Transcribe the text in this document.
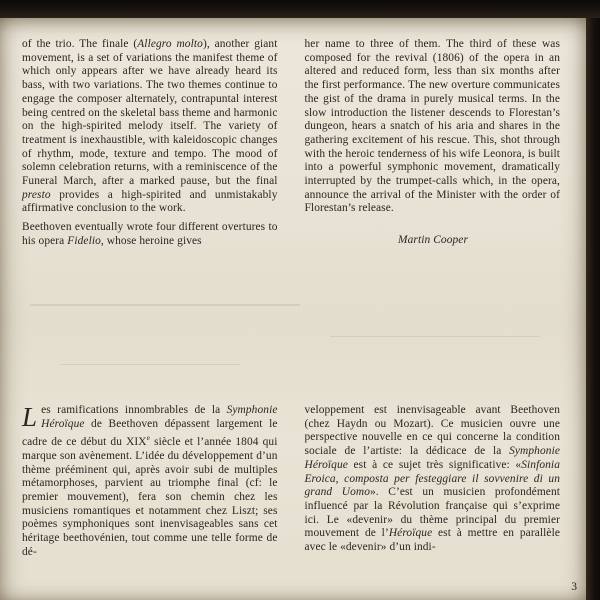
of the trio. The finale (Allegro molto), another giant movement, is a set of variations the manifest theme of which only appears after we have already heard its bass, with two variations. The two themes continue to engage the composer alternately, contrapuntal interest being centred on the skeletal bass theme and harmonic on the high-spirited melody itself. The variety of treatment is inexhaustible, with kaleidoscopic changes of rhythm, mode, texture and tempo. The mood of solemn celebration returns, with a reminiscence of the Funeral March, after a marked pause, but the final presto provides a high-spirited and unmistakably affirmative conclusion to the work.

Beethoven eventually wrote four different overtures to his opera Fidelio, whose heroine gives

her name to three of them. The third of these was composed for the revival (1806) of the opera in an altered and reduced form, less than six months after the first performance. The new overture communicates the gist of the drama in purely musical terms. In the slow introduction the listener descends to Florestan’s dungeon, hears a snatch of his aria and shares in the gathering excitement of his rescue. This, shot through with the heroic tenderness of his wife Leonora, is built into a powerful symphonic movement, dramatically interrupted by the trumpet-calls which, in the opera, announce the arrival of the Minister with the order of Florestan’s release.

Martin Cooper

Les ramifications innombrables de la Symphonie Héroïque de Beethoven dépassent largement le cadre de ce début du XIXe siècle et l’année 1804 qui marque son avènement. L’idée du développement d’un thème prééminent qui, après avoir subi de multiples métamorphoses, parvient au triomphe final (cf: le premier mouvement), fera son chemin chez les musiciens romantiques et notamment chez Liszt; ses poèmes symphoniques sont inenvisageables sans cet héritage beethovénien, tout comme une telle forme de dé-

veloppement est inenvisageable avant Beethoven (chez Haydn ou Mozart). Ce musicien ouvre une perspective nouvelle en ce qui concerne la condition sociale de l’artiste: la dédicace de la Symphonie Héroïque est à ce sujet très significative: «Sinfonia Eroica, composta per festeggiare il sovvenire di un grand Uomo». C’est un musicien profondément influencé par la Révolution française qui s’exprime ici. Le «devenir» du thème principal du premier mouvement de l’Héroïque est à mettre en parallèle avec le «devenir» d’un indi-

3
